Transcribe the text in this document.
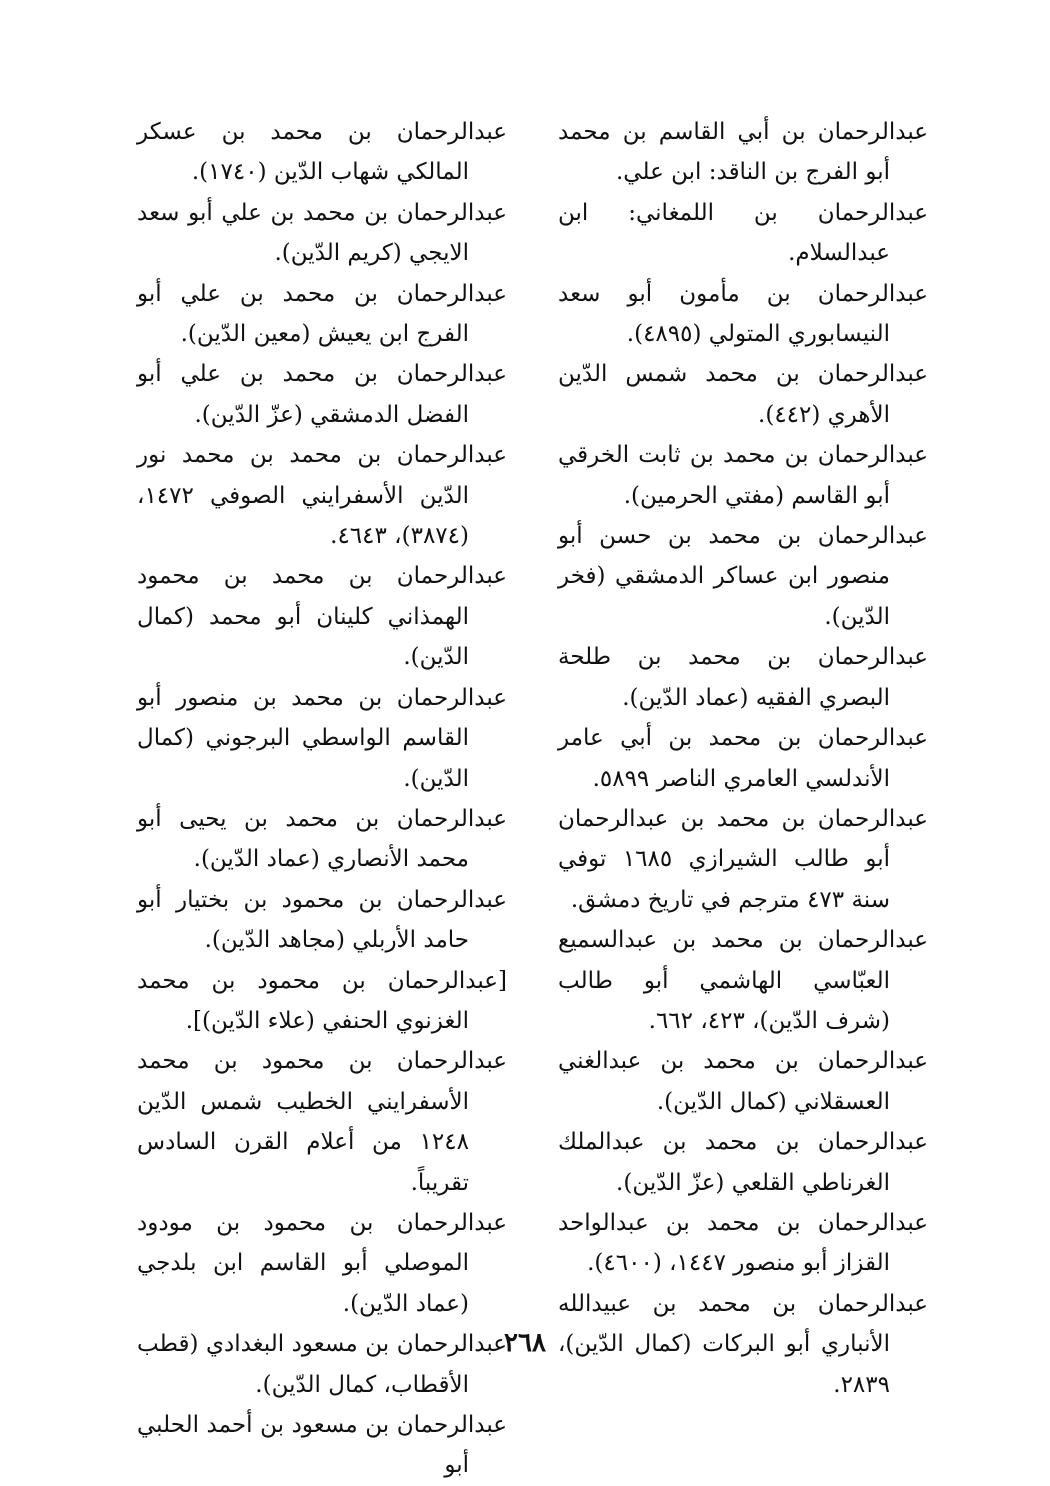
عبدالرحمان بن أبي القاسم بن محمد أبو الفرج بن الناقد: ابن علي.

عبدالرحمان بن اللمغاني: ابن عبدالسلام.

عبدالرحمان بن مأمون أبو سعد النيسابوري المتولي (٤٨٩٥).

عبدالرحمان بن محمد شمس الدّين الأهري (٤٤٢).

عبدالرحمان بن محمد بن ثابت الخرقي أبو القاسم (مفتي الحرمين).

عبدالرحمان بن محمد بن حسن أبو منصور ابن عساكر الدمشقي (فخر الدّين).

عبدالرحمان بن محمد بن طلحة البصري الفقيه (عماد الدّين).

عبدالرحمان بن محمد بن أبي عامر الأندلسي العامري الناصر ٥٨٩٩.

عبدالرحمان بن محمد بن عبدالرحمان أبو طالب الشيرازي ١٦٨٥ توفي سنة ٤٧٣ مترجم في تاريخ دمشق.

عبدالرحمان بن محمد بن عبدالسميع العبّاسي الهاشمي أبو طالب (شرف الدّين)، ٤٢٣، ٦٦٢.

عبدالرحمان بن محمد بن عبدالغني العسقلاني (كمال الدّين).

عبدالرحمان بن محمد بن عبدالملك الغرناطي القلعي (عزّ الدّين).

عبدالرحمان بن محمد بن عبدالواحد القزاز أبو منصور ١٤٤٧، (٤٦٠٠).

عبدالرحمان بن محمد بن عبيدالله الأنباري أبو البركات (كمال الدّين)، ٢٨٣٩.

عبدالرحمان بن محمد بن عسكر المالكي شهاب الدّين (١٧٤٠).

عبدالرحمان بن محمد بن علي أبو سعد الايجي (كريم الدّين).

عبدالرحمان بن محمد بن علي أبو الفرج ابن يعيش (معين الدّين).

عبدالرحمان بن محمد بن علي أبو الفضل الدمشقي (عزّ الدّين).

عبدالرحمان بن محمد بن محمد نور الدّين الأسفرايني الصوفي ١٤٧٢، (٣٨٧٤)، ٤٦٤٣.

عبدالرحمان بن محمد بن محمود الهمذاني كلينان أبو محمد (كمال الدّين).

عبدالرحمان بن محمد بن منصور أبو القاسم الواسطي البرجوني (كمال الدّين).

عبدالرحمان بن محمد بن يحيى أبو محمد الأنصاري (عماد الدّين).

عبدالرحمان بن محمود بن بختيار أبو حامد الأربلي (مجاهد الدّين).

[عبدالرحمان بن محمود بن محمد الغزنوي الحنفي (علاء الدّين)].

عبدالرحمان بن محمود بن محمد الأسفرايني الخطيب شمس الدّين ١٢٤٨ من أعلام القرن السادس تقريباً.

عبدالرحمان بن محمود بن مودود الموصلي أبو القاسم ابن بلدجي (عماد الدّين).

عبدالرحمان بن مسعود البغدادي (قطب الأقطاب، كمال الدّين).

عبدالرحمان بن مسعود بن أحمد الحلبي أبو

٢٦٨
